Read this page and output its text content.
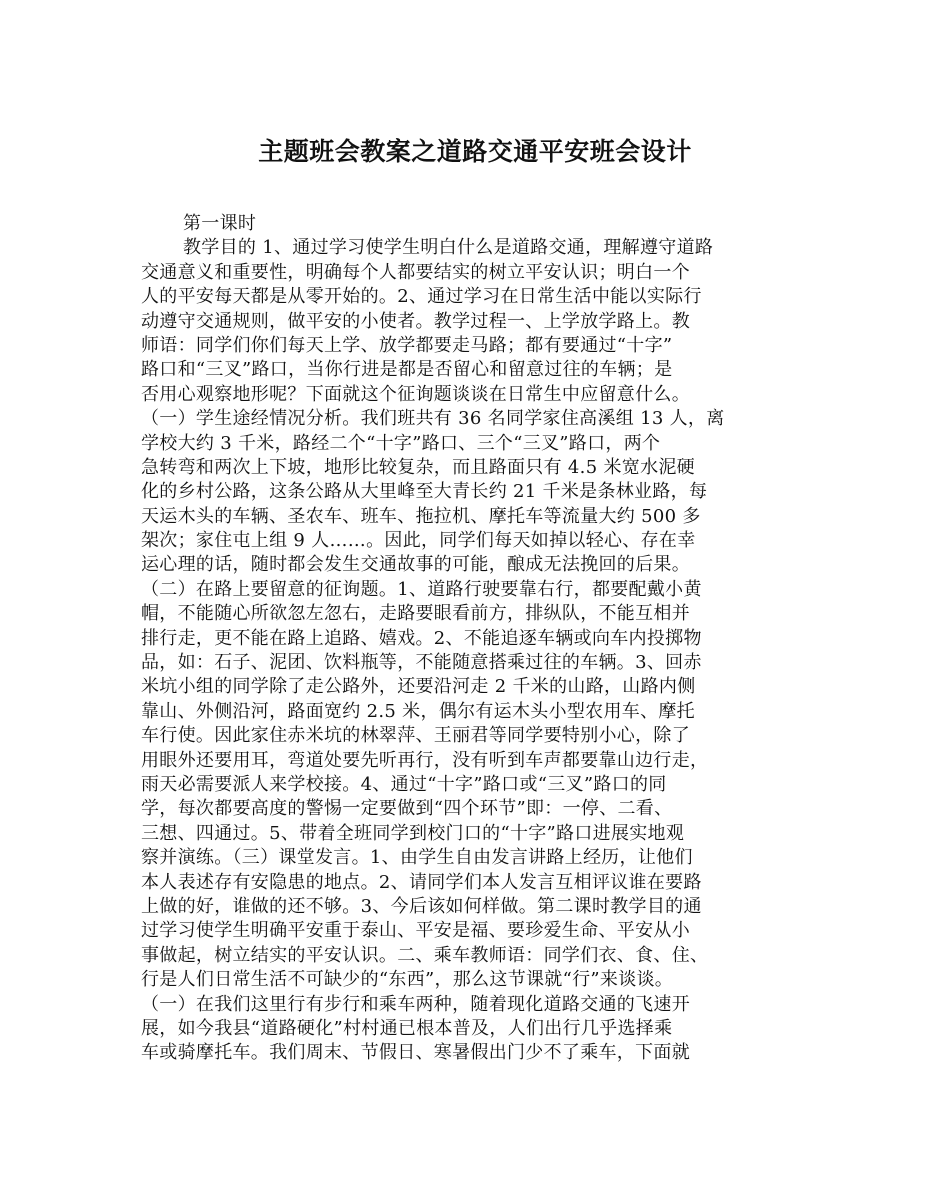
主题班会教案之道路交通平安班会设计
第一课时
教学目的 1、通过学习使学生明白什么是道路交通，理解遵守道路
交通意义和重要性，明确每个人都要结实的树立平安认识；明白一个
人的平安每天都是从零开始的。2、通过学习在日常生活中能以实际行
动遵守交通规则，做平安的小使者。教学过程一、上学放学路上。教
师语：同学们你们每天上学、放学都要走马路；都有要通过“十字”
路口和“三叉”路口，当你行进是都是否留心和留意过往的车辆；是
否用心观察地形呢？下面就这个征询题谈谈在日常生中应留意什么。
（一）学生途经情况分析。我们班共有 36 名同学家住高溪组 13 人，离
学校大约 3 千米，路经二个“十字”路口、三个“三叉”路口，两个
急转弯和两次上下坡，地形比较复杂，而且路面只有 4.5 米宽水泥硬
化的乡村公路，这条公路从大里峰至大青长约 21 千米是条林业路，每
天运木头的车辆、圣农车、班车、拖拉机、摩托车等流量大约 500 多
架次；家住屯上组 9 人……。因此，同学们每天如掉以轻心、存在幸
运心理的话，随时都会发生交通故事的可能，酿成无法挽回的后果。
（二）在路上要留意的征询题。1、道路行驶要靠右行，都要配戴小黄
帽，不能随心所欲忽左忽右，走路要眼看前方，排纵队，不能互相并
排行走，更不能在路上追路、嬉戏。2、不能追逐车辆或向车内投掷物
品，如：石子、泥团、饮料瓶等，不能随意搭乘过往的车辆。3、回赤
米坑小组的同学除了走公路外，还要沿河走 2 千米的山路，山路内侧
靠山、外侧沿河，路面宽约 2.5 米，偶尔有运木头小型农用车、摩托
车行使。因此家住赤米坑的林翠萍、王丽君等同学要特别小心，除了
用眼外还要用耳，弯道处要先听再行，没有听到车声都要靠山边行走，
雨天必需要派人来学校接。4、通过“十字”路口或“三叉”路口的同
学，每次都要高度的警惕一定要做到“四个环节”即：一停、二看、
三想、四通过。5、带着全班同学到校门口的“十字”路口进展实地观
察并演练。（三）课堂发言。1、由学生自由发言讲路上经历，让他们
本人表述存有安隐患的地点。2、请同学们本人发言互相评议谁在要路
上做的好，谁做的还不够。3、今后该如何样做。第二课时教学目的通
过学习使学生明确平安重于泰山、平安是福、要珍爱生命、平安从小
事做起，树立结实的平安认识。二、乘车教师语：同学们衣、食、住、
行是人们日常生活不可缺少的“东西”，那么这节课就“行”来谈谈。
（一）在我们这里行有步行和乘车两种，随着现化道路交通的飞速开
展，如今我县“道路硬化”村村通已根本普及，人们出行几乎选择乘
车或骑摩托车。我们周末、节假日、寒暑假出门少不了乘车，下面就
